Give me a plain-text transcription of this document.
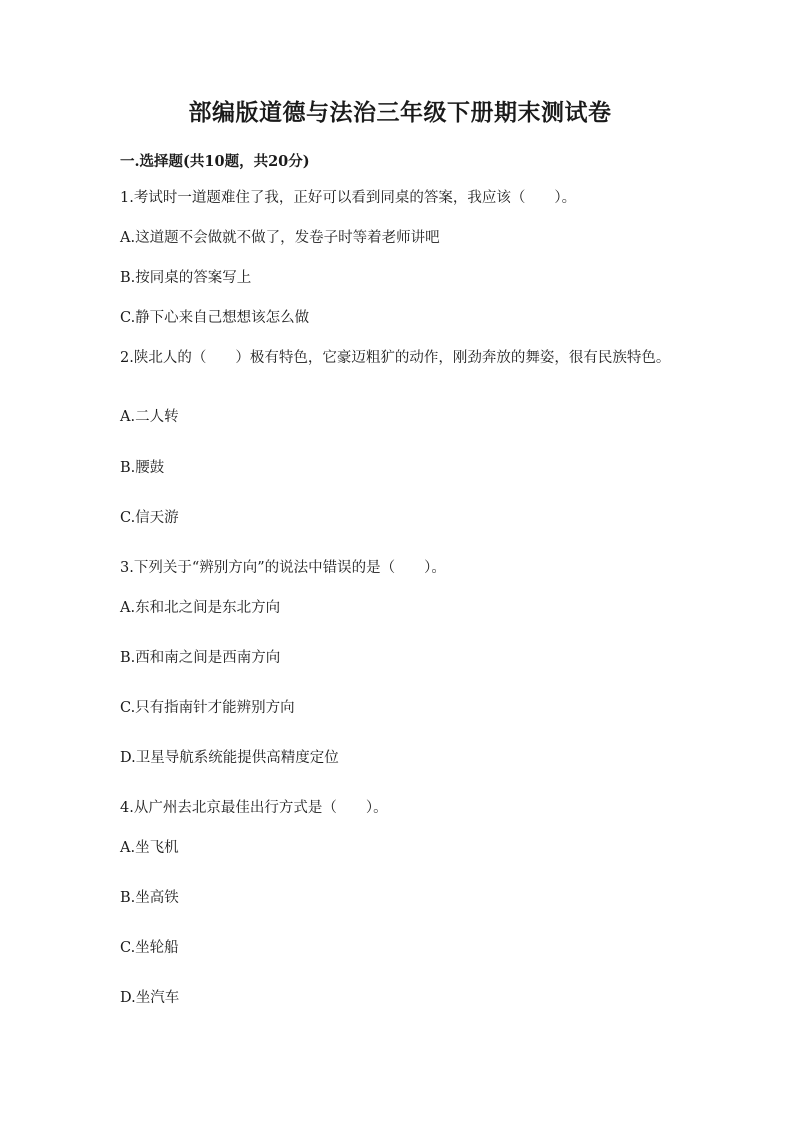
部编版道德与法治三年级下册期末测试卷
一.选择题(共10题，共20分)
1.考试时一道题难住了我，正好可以看到同桌的答案，我应该（　　）。
A.这道题不会做就不做了，发卷子时等着老师讲吧
B.按同桌的答案写上
C.静下心来自己想想该怎么做
2.陕北人的（　　）极有特色，它豪迈粗犷的动作，刚劲奔放的舞姿，很有民族特色。
A.二人转
B.腰鼓
C.信天游
3.下列关于“辨别方向”的说法中错误的是（　　）。
A.东和北之间是东北方向
B.西和南之间是西南方向
C.只有指南针才能辨别方向
D.卫星导航系统能提供高精度定位
4.从广州去北京最佳出行方式是（　　）。
A.坐飞机
B.坐高铁
C.坐轮船
D.坐汽车
